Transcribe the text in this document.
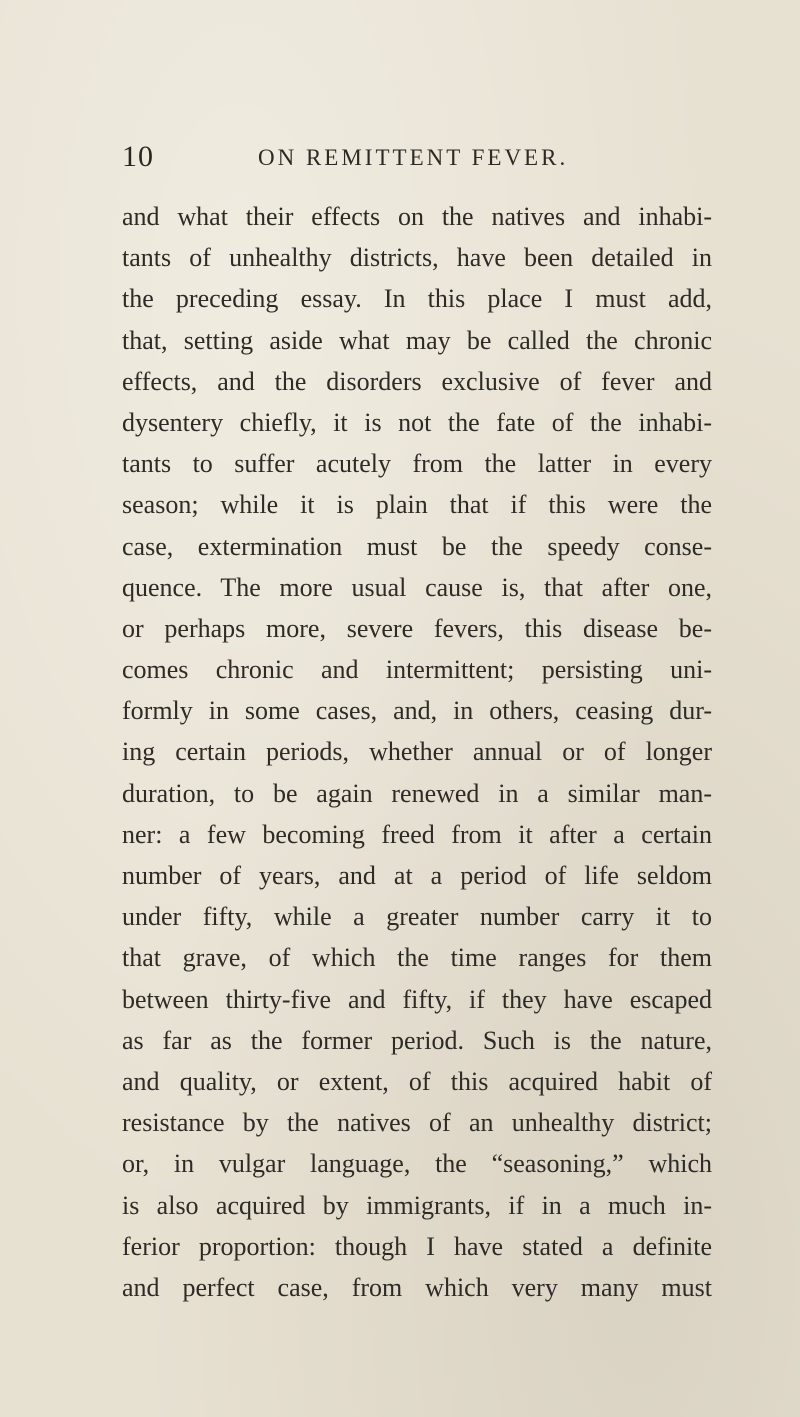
10	ON REMITTENT FEVER.
and what their effects on the natives and inhabi-
tants of unhealthy districts, have been detailed in
the preceding essay. In this place I must add,
that, setting aside what may be called the chronic
effects, and the disorders exclusive of fever and
dysentery chiefly, it is not the fate of the inhabi-
tants to suffer acutely from the latter in every
season; while it is plain that if this were the
case, extermination must be the speedy conse-
quence. The more usual cause is, that after one,
or perhaps more, severe fevers, this disease be-
comes chronic and intermittent; persisting uni-
formly in some cases, and, in others, ceasing dur-
ing certain periods, whether annual or of longer
duration, to be again renewed in a similar man-
ner: a few becoming freed from it after a certain
number of years, and at a period of life seldom
under fifty, while a greater number carry it to
that grave, of which the time ranges for them
between thirty-five and fifty, if they have escaped
as far as the former period. Such is the nature,
and quality, or extent, of this acquired habit of
resistance by the natives of an unhealthy district;
or, in vulgar language, the “seasoning,” which
is also acquired by immigrants, if in a much in-
ferior proportion: though I have stated a definite
and perfect case, from which very many must
